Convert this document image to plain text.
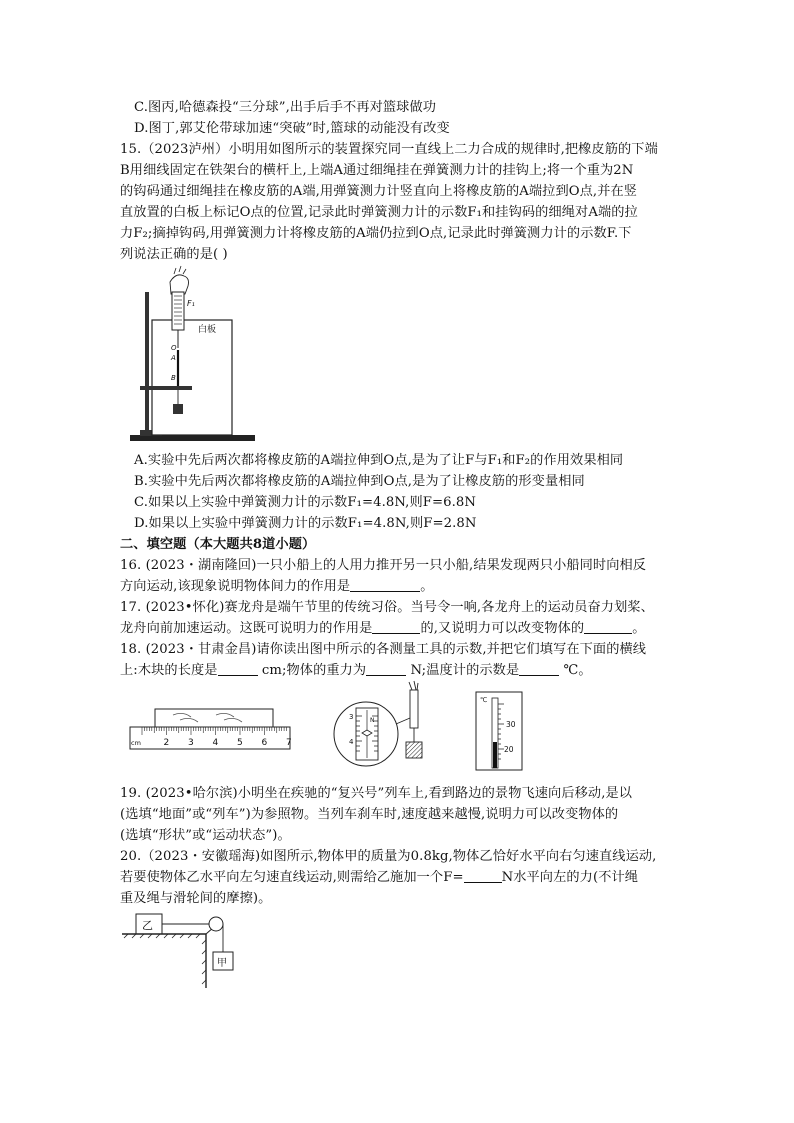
C.图丙,哈德森投“三分球”,出手后手不再对篮球做功
D.图丁,郭艾伦带球加速“突破”时,篮球的动能没有改变
15.（2023泸州）小明用如图所示的装置探究同一直线上二力合成的规律时,把橡皮筋的下端
B用细线固定在铁架台的横杆上,上端A通过细绳挂在弹簧测力计的挂钩上;将一个重为2N
的钩码通过细绳挂在橡皮筋的A端,用弹簧测力计竖直向上将橡皮筋的A端拉到O点,并在竖
直放置的白板上标记O点的位置,记录此时弹簧测力计的示数F₁和挂钩码的细绳对A端的拉
力F₂;摘掉钩码,用弹簧测力计将橡皮筋的A端仍拉到O点,记录此时弹簧测力计的示数F.下
列说法正确的是( )
白板
F₁
O
A
B
A.实验中先后两次都将橡皮筋的A端拉伸到O点,是为了让F与F₁和F₂的作用效果相同
B.实验中先后两次都将橡皮筋的A端拉伸到O点,是为了让橡皮筋的形变量相同
C.如果以上实验中弹簧测力计的示数F₁=4.8N,则F=6.8N
D.如果以上实验中弹簧测力计的示数F₁=4.8N,则F=2.8N
二、填空题（本大题共8道小题）
16. (2023・湖南隆回)一只小船上的人用力推开另一只小船,结果发现两只小船同时向相反
方向运动,该现象说明物体间力的作用是	。
17. (2023•怀化)赛龙舟是端午节里的传统习俗。当号令一响,各龙舟上的运动员奋力划桨、
龙舟向前加速运动。这既可说明力的作用是	的,又说明力可以改变物体的	。
18. (2023・甘肃金昌)请你读出图中所示的各测量工具的示数,并把它们填写在下面的横线
上:木块的长度是	cm;物体的重力为	N;温度计的示数是	℃。
cm	2 3 4 5 6 7
3
4
N
℃
30
20
19. (2023•哈尔滨)小明坐在疾驰的“复兴号”列车上,看到路边的景物飞速向后移动,是以
(选填“地面”或“列车”)为参照物。当列车刹车时,速度越来越慢,说明力可以改变物体的
(选填“形状”或“运动状态”)。
20.（2023・安徽瑶海)如图所示,物体甲的质量为0.8kg,物体乙恰好水平向右匀速直线运动,
若要使物体乙水平向左匀速直线运动,则需给乙施加一个F=	N水平向左的力(不计绳
重及绳与滑轮间的摩擦)。
乙
甲
